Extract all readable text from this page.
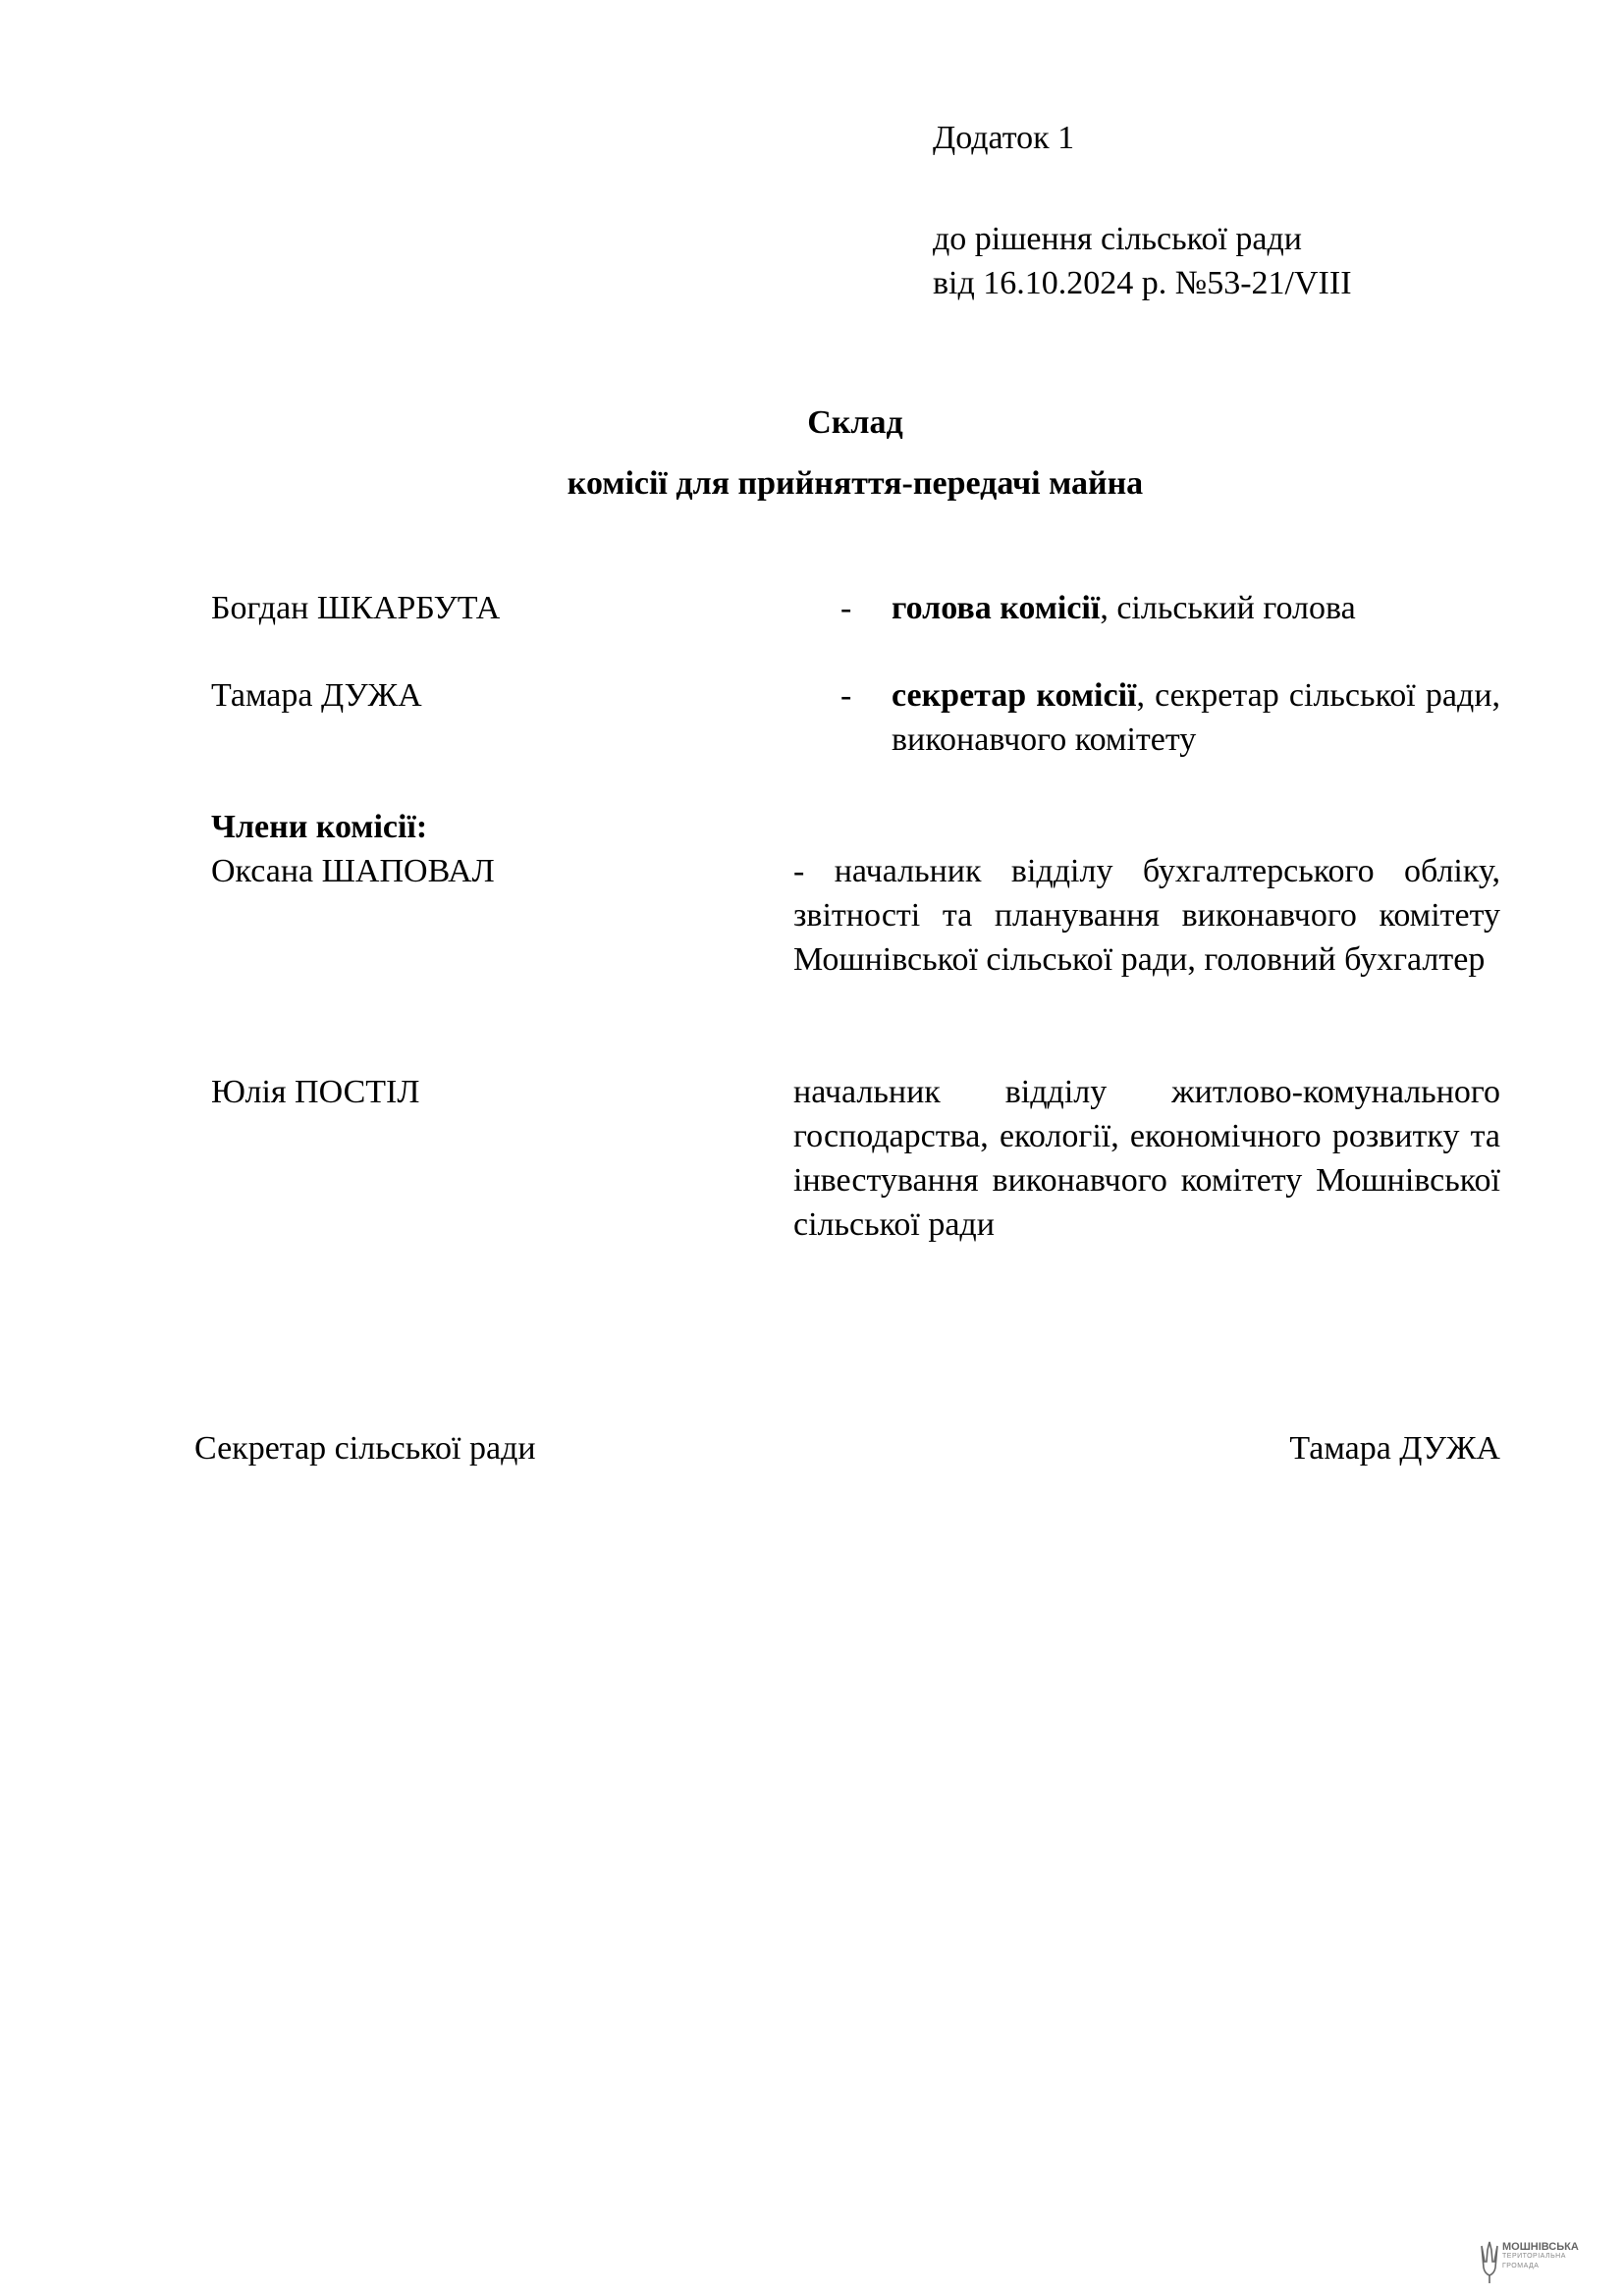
Додаток 1
до рішення сільської ради
від 16.10.2024 р. №53-21/VIII
Склад
комісії для прийняття-передачі майна
Богдан ШКАРБУТА	- голова комісії, сільський голова
Тамара ДУЖА	- секретар комісії, секретар сільської ради, виконавчого комітету
Члени комісії:
Оксана ШАПОВАЛ	- начальник відділу бухгалтерського обліку, звітності та планування виконавчого комітету Мошнівської сільської ради, головний бухгалтер
Юлія ПОСТІЛ	начальник відділу житлово-комунального господарства, екології, економічного розвитку та інвестування виконавчого комітету Мошнівської сільської ради
Секретар сільської ради	Тамара ДУЖА
МОШНІВСЬКА
ТЕРИТОРІАЛЬНА
ГРОМАДА
